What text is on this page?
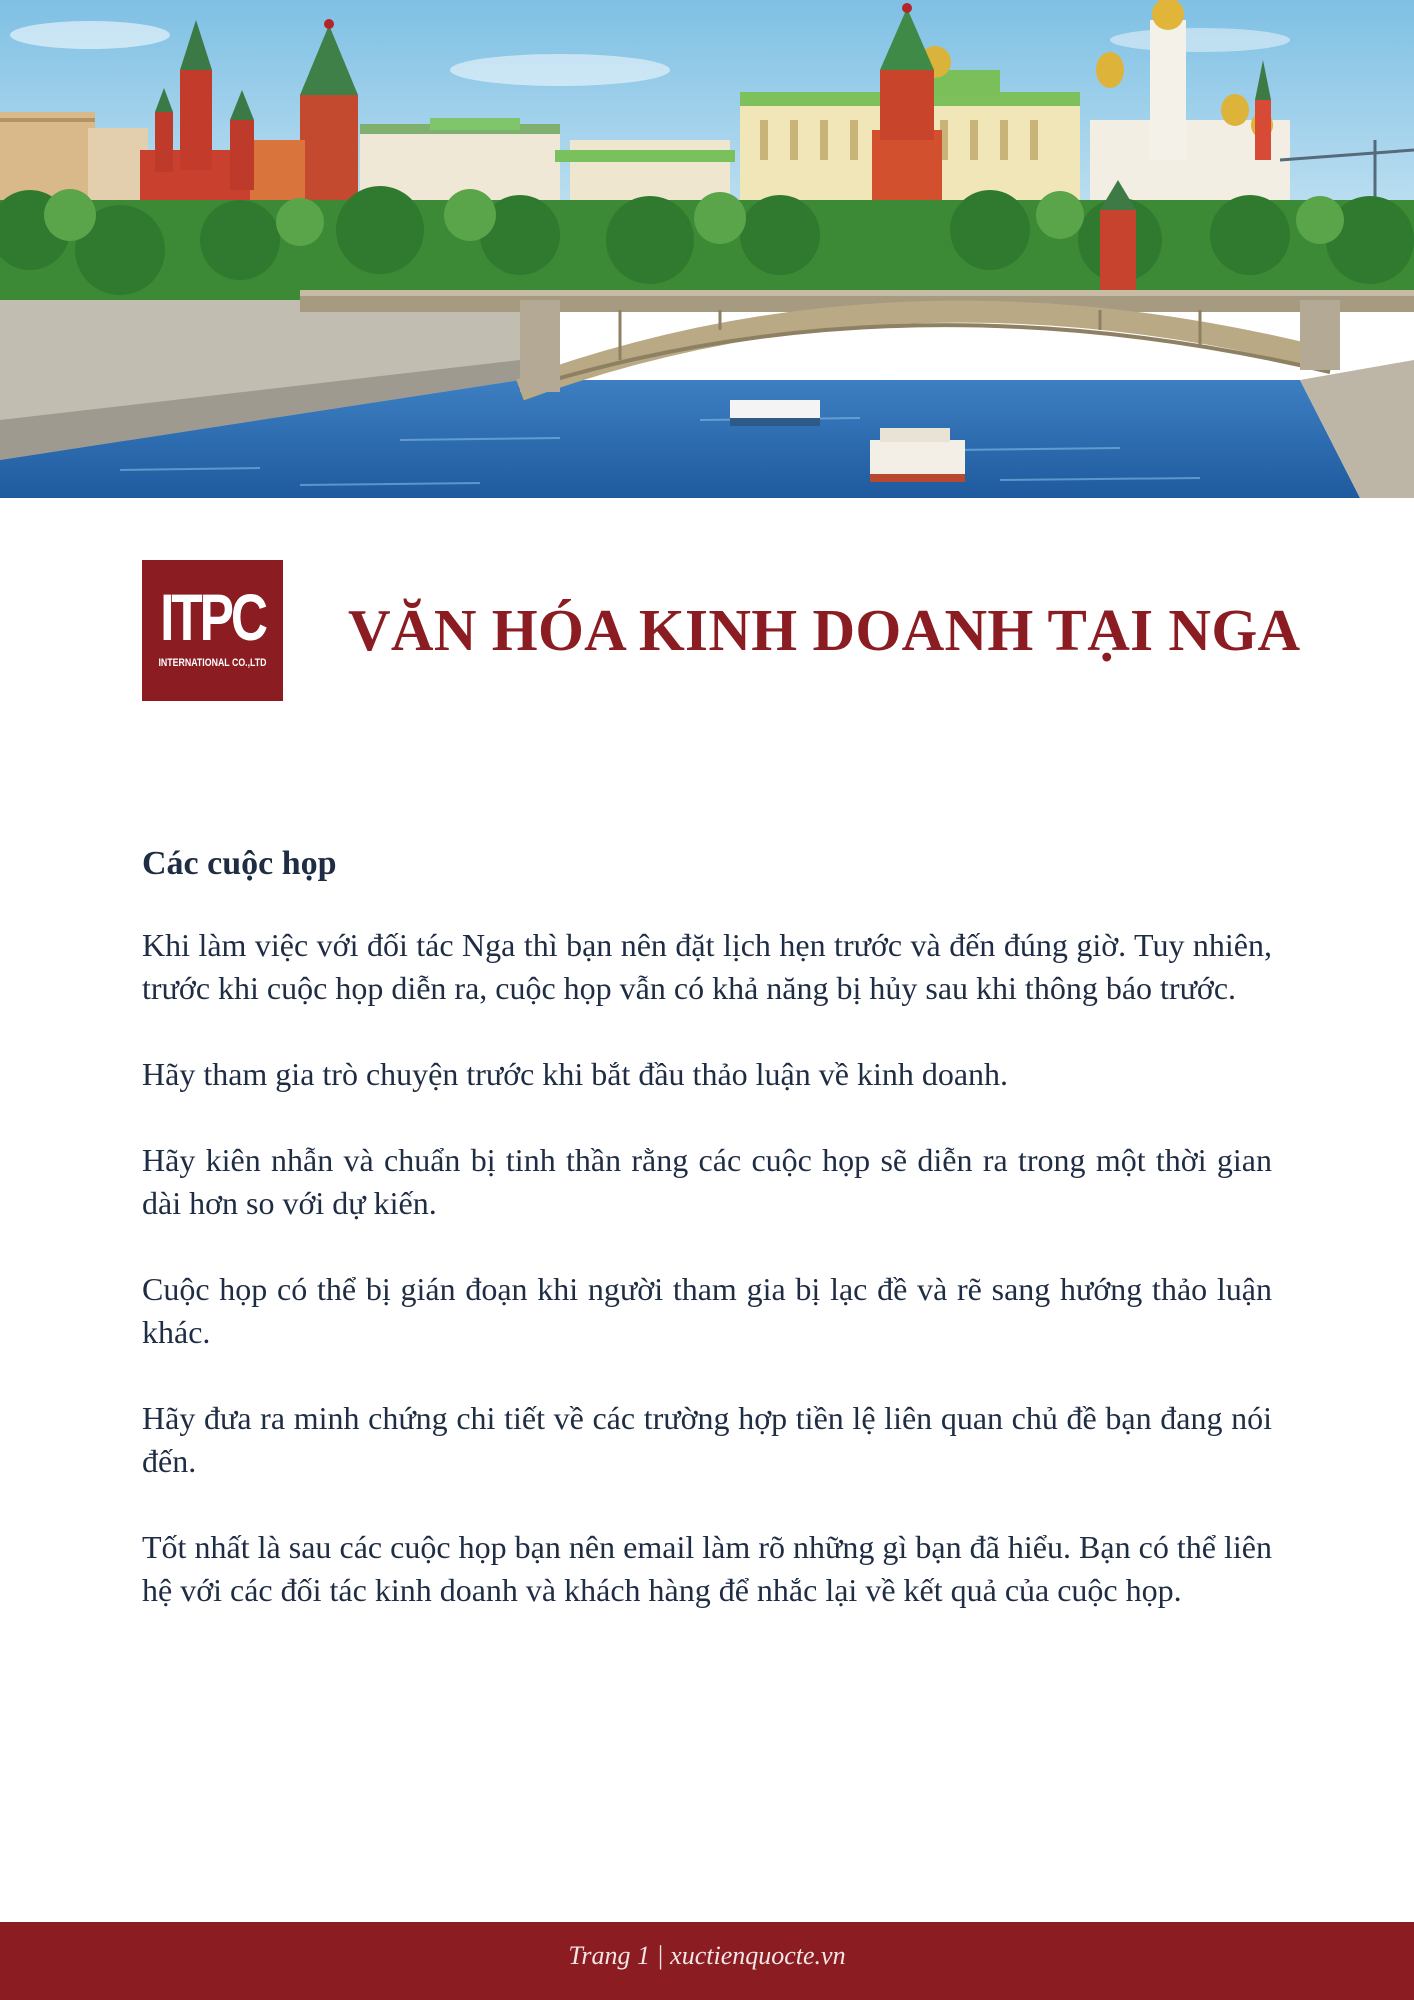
ITPC
INTERNATIONAL CO.,LTD VĂN HÓA KINH DOANH TẠI NGA
Các cuộc họp

Khi làm việc với đối tác Nga thì bạn nên đặt lịch hẹn trước và đến đúng giờ. Tuy nhiên, trước khi cuộc họp diễn ra, cuộc họp vẫn có khả năng bị hủy sau khi thông báo trước.

Hãy tham gia trò chuyện trước khi bắt đầu thảo luận về kinh doanh.

Hãy kiên nhẫn và chuẩn bị tinh thần rằng các cuộc họp sẽ diễn ra trong một thời gian dài hơn so với dự kiến.

Cuộc họp có thể bị gián đoạn khi người tham gia bị lạc đề và rẽ sang hướng thảo luận khác.

Hãy đưa ra minh chứng chi tiết về các trường hợp tiền lệ liên quan chủ đề bạn đang nói đến.

Tốt nhất là sau các cuộc họp bạn nên email làm rõ những gì bạn đã hiểu. Bạn có thể liên hệ với các đối tác kinh doanh và khách hàng để nhắc lại về kết quả của cuộc họp.

Trang 1 | xuctienquocte.vn
